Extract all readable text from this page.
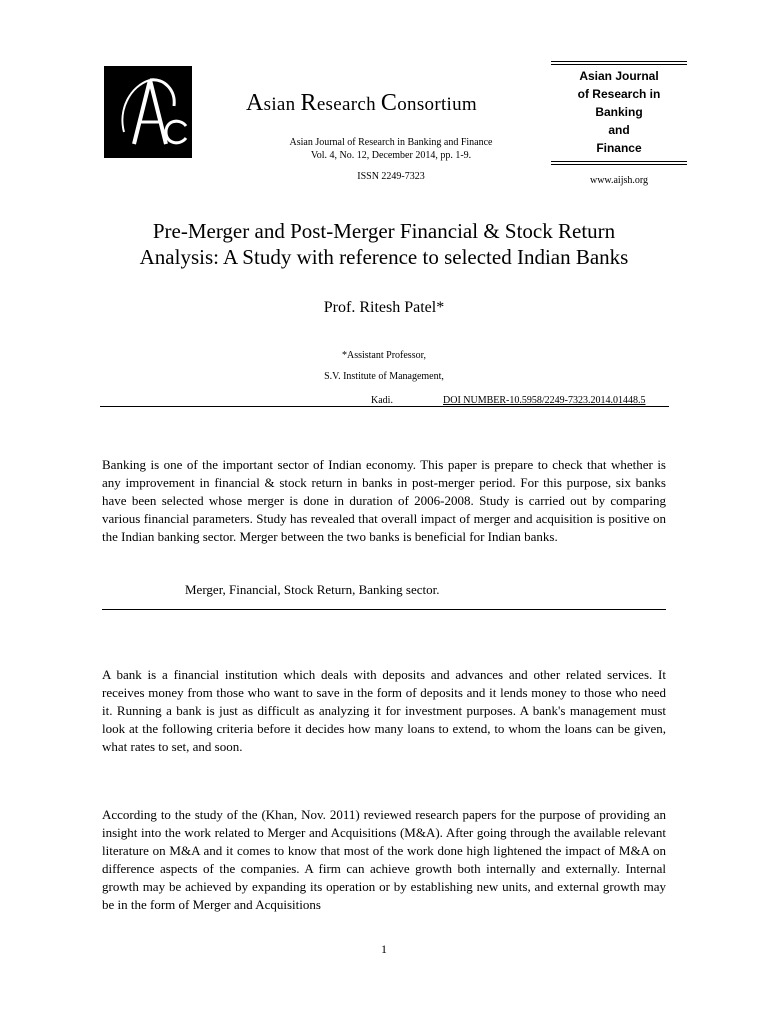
Asian Research Consortium
Asian Journal of Research in Banking and Finance
Vol. 4, No. 12, December 2014, pp. 1-9.
ISSN 2249-7323
Asian Journal
of Research in
Banking
and
Finance
www.aijsh.org
Pre-Merger and Post-Merger Financial & Stock Return
Analysis: A Study with reference to selected Indian Banks
Prof. Ritesh Patel*
*Assistant Professor,
S.V. Institute of Management,
Kadi.	DOI NUMBER-10.5958/2249-7323.2014.01448.5
Banking is one of the important sector of Indian economy. This paper is prepare to check that whether is any improvement in financial & stock return in banks in post-merger period. For this purpose, six banks have been selected whose merger is done in duration of 2006-2008. Study is carried out by comparing various financial parameters. Study has revealed that overall impact of merger and acquisition is positive on the Indian banking sector. Merger between the two banks is beneficial for Indian banks.
Merger, Financial, Stock Return, Banking sector.
A bank is a financial institution which deals with deposits and advances and other related services. It receives money from those who want to save in the form of deposits and it lends money to those who need it. Running a bank is just as difficult as analyzing it for investment purposes. A bank's management must look at the following criteria before it decides how many loans to extend, to whom the loans can be given, what rates to set, and soon.
According to the study of the (Khan, Nov. 2011) reviewed research papers for the purpose of providing an insight into the work related to Merger and Acquisitions (M&A). After going through the available relevant literature on M&A and it comes to know that most of the work done high lightened the impact of M&A on difference aspects of the companies. A firm can achieve growth both internally and externally. Internal growth may be achieved by expanding its operation or by establishing new units, and external growth may be in the form of Merger and Acquisitions
1
